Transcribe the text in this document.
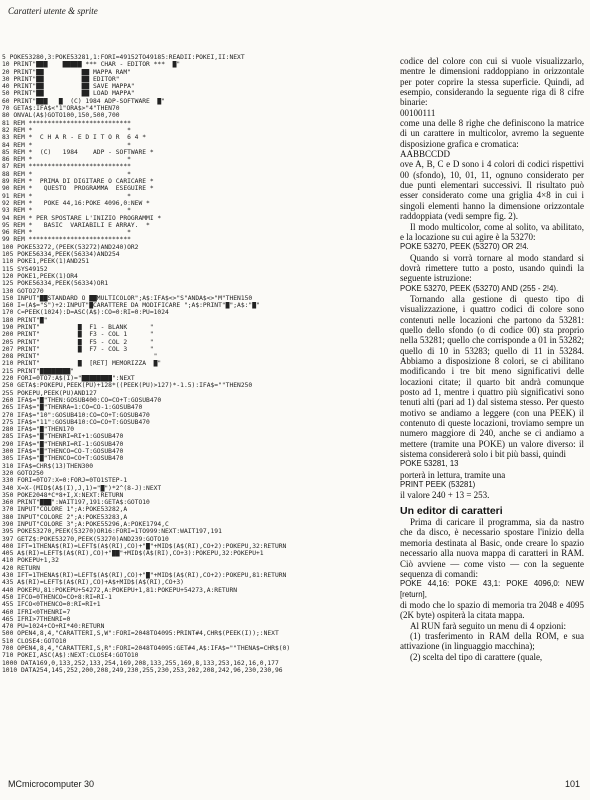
Caratteri utente & sprite
5 POKE53280,3:POKE53281,1:FORI=49152TO49185:READII:POKEI,II:NEXT
10 PRINT"███    █████ *** CHAR - EDITOR ***  █"
20 PRINT"██          ██ MAPPA RAM"
30 PRINT"██          ██ EDITOR"
40 PRINT"██          ██ SAVE MAPPA"
50 PRINT"██          ██ LOAD MAPPA"
60 PRINT"███   █  (C) 1984 ADP-SOFTWARE  █"
70 GETA$:IFA$<"1"ORA$>"4"THEN70
80 ONVAL(A$)GOTO100,150,500,700
81 REM ***************************
82 REM *                         *
83 REM *  C H A R - E D I T O R  6 4 *
84 REM *                         *
85 REM *  (C)   1984    ADP - SOFTWARE *
86 REM *                         *
87 REM ***************************
88 REM *                         *
89 REM *  PRIMA DI DIGITARE O CARICARE *
90 REM *   QUESTO  PROGRAMMA  ESEGUIRE *
91 REM *                         *
92 REM *   POKE 44,16:POKE 4096,0:NEW *
93 REM *                         *
94 REM * PER SPOSTARE L'INIZIO PROGRAMMI *
95 REM *   BASIC  VARIABILI E ARRAY.  *
96 REM *                         *
99 REM ***************************
100 POKE53272,(PEEK(53272)AND240)OR2
105 POKE56334,PEEK(56334)AND254
110 POKE1,PEEK(1)AND251
115 SYS49152
120 POKE1,PEEK(1)OR4
125 POKE56334,PEEK(56334)OR1
130 GOTO270
150 INPUT"██STANDARD O ██MULTICOLOR";A$:IFA$<>"S"ANDA$<>"M"THEN150
160 I=(A$="S")+2:INPUT"█CARATTERE DA MODIFICARE ";A$:PRINT"█";A$:"█"
170 C=PEEK(1024):D=ASC(A$):CO=0:RI=0:PU=1024
180 PRINT"█"
190 PRINT"          █  F1 - BLANK      "
200 PRINT"          █  F3 - COL 1      "
205 PRINT"          █  F5 - COL 2      "
207 PRINT"          █  F7 - COL 3      "
208 PRINT"                              "
210 PRINT"          █  [RET] MEMORIZZA  █"
215 PRINT"████████"
220 FORI=0TO7:A$(I)="████████":NEXT
250 GETA$:POKEPU,PEEK(PU)+128*((PEEK(PU)>127)*-1.5):IFA$=""THEN250
255 POKEPU,PEEK(PU)AND127
260 IFA$="█"THEN:GOSUB400:CO=CO+T:GOSUB470
265 IFA$="█"THENRA=1:CO=CO-1:GOSUB470
270 IFA$="10":GOSUB410:CO=CO+T:GOSUB470
275 IFA$="11":GOSUB410:CO=CO+T:GOSUB470
280 IFA$="█"THEN170
285 IFA$="█"THENRI=RI+1:GOSUB470
290 IFA$="█"THENRI=RI-1:GOSUB470
300 IFA$="█"THENCO=CO-T:GOSUB470
305 IFA$="█"THENCO=CO+T:GOSUB470
310 IFA$=CHR$(13)THEN300
320 GOTO250
330 FORI=0TO7:X=0:FORJ=0TO1STEP-1
340 X=X-(MID$(A$(I),J,1)="█")*2^(8-J):NEXT
350 POKE2048*C*8+I,X:NEXT:RETURN
360 PRINT"███":WAIT197,191:GETA$:GOTO10
370 INPUT"COLORE 1";A:POKE53282,A
380 INPUT"COLORE 2";A:POKE53283,A
390 INPUT"COLORE 3";A:POKE55296,A:POKE1794,C
395 POKE53270,PEEK(53270)OR16:FORI=1TO999:NEXT:WAIT197,191
397 GETZ$:POKE53270,PEEK(53270)AND239:GOTO10
400 IFT=1THENA$(RI)=LEFT$(A$(RI),CO)+"█"+MID$(A$(RI),CO+2):POKEPU,32:RETURN
405 A$(RI)=LEFT$(A$(RI),CO)+"██"+MID$(A$(RI),CO+3):POKEPU,32:POKEPU+1
410 POKEPU+1,32
420 RETURN
430 IFT=1THENA$(RI)=LEFT$(A$(RI),CO)+"█"+MID$(A$(RI),CO+2):POKEPU,81:RETURN
435 A$(RI)=LEFT$(A$(RI),CO)+A$+MID$(A$(RI),CO+3)
440 POKEPU,81:POKEPU+54272,A:POKEPU+1,81:POKEPU+54273,A:RETURN
450 IFCO=0THENCO=CO+8:RI=RI-1
455 IFCO<0THENCO=0:RI=RI+1
460 IFRI<0THENRI=7
465 IFRI>7THENRI=0
470 PU=1024+CO+RI*40:RETURN
500 OPEN4,8,4,"CARATTERI,S,W":FORI=2048TO4095:PRINT#4,CHR$(PEEK(I));:NEXT
510 CLOSE4:GOTO10
700 OPEN4,8,4,"CARATTERI,S,R":FORI=2048TO4095:GET#4,A$:IFA$=""THENA$=CHR$(0)
710 POKEI,ASC(A$):NEXT:CLOSE4:GOTO10
1000 DATA169,0,133,252,133,254,169,208,133,255,169,8,133,253,162,16,0,177
1010 DATA254,145,252,200,208,249,230,255,230,253,202,208,242,96,230,230,96

codice del colore con cui si vuole visualizzarlo, mentre le dimensioni raddoppiano in orizzontale per poter coprire la stessa superficie. Quindi, ad esempio, considerando la seguente riga di 8 cifre binarie:

00100111

come una delle 8 righe che definiscono la matrice di un carattere in multicolor, avremo la seguente disposizione grafica e cromatica:

AABBCCDD

ove A, B, C e D sono i 4 colori di codici rispettivi 00 (sfondo), 10, 01, 11, ognuno considerato per due punti elementari successivi. Il risultato può esser considerato come una griglia 4×8 in cui i singoli elementi hanno la dimensione orizzontale raddoppiata (vedi sempre fig. 2).

Il modo multicolor, come al solito, va abilitato, e la locazione su cui agire è la 53270:

POKE 53270, PEEK (53270) OR 2!4.

Quando si vorrà tornare al modo standard si dovrà rimettere tutto a posto, usando quindi la seguente istruzione:

POKE 53270, PEEK (53270) AND (255 - 2!4).

Tornando alla gestione di questo tipo di visualizzazione, i quattro codici di colore sono contenuti nelle locazioni che partono da 53281: quello dello sfondo (o di codice 00) sta proprio nella 53281; quello che corrisponde a 01 in 53282; quello di 10 in 53283; quello di 11 in 53284. Abbiamo a disposizione 8 colori, se ci abilitano modificando i tre bit meno significativi delle locazioni citate; il quarto bit andrà comunque posto ad 1, mentre i quattro più significativi sono tenuti alti (pari ad 1) dal sistema stesso. Per questo motivo se andiamo a leggere (con una PEEK) il contenuto di queste locazioni, troviamo sempre un numero maggiore di 240, anche se ci andiamo a mettere (tramite una POKE) un valore diverso: il sistema considererà solo i bit più bassi, quindi

POKE 53281, 13

porterà in lettura, tramite una

PRINT PEEK (53281)

il valore 240 + 13 = 253.

Un editor di caratteri

Prima di caricare il programma, sia da nastro che da disco, è necessario spostare l'inizio della memoria destinata al Basic, onde creare lo spazio necessario alla nuova mappa di caratteri in RAM. Ciò avviene — come visto — con la seguente sequenza di comandi:

POKE 44,16: POKE 43,1: POKE 4096,0: NEW [return],

di modo che lo spazio di memoria tra 2048 e 4095 (2K byte) ospiterà la citata mappa.

Al RUN farà seguito un menu di 4 opzioni:

(1) trasferimento in RAM della ROM, e sua attivazione (in linguaggio macchina);

(2) scelta del tipo di carattere (quale,

MCmicrocomputer 30	101
